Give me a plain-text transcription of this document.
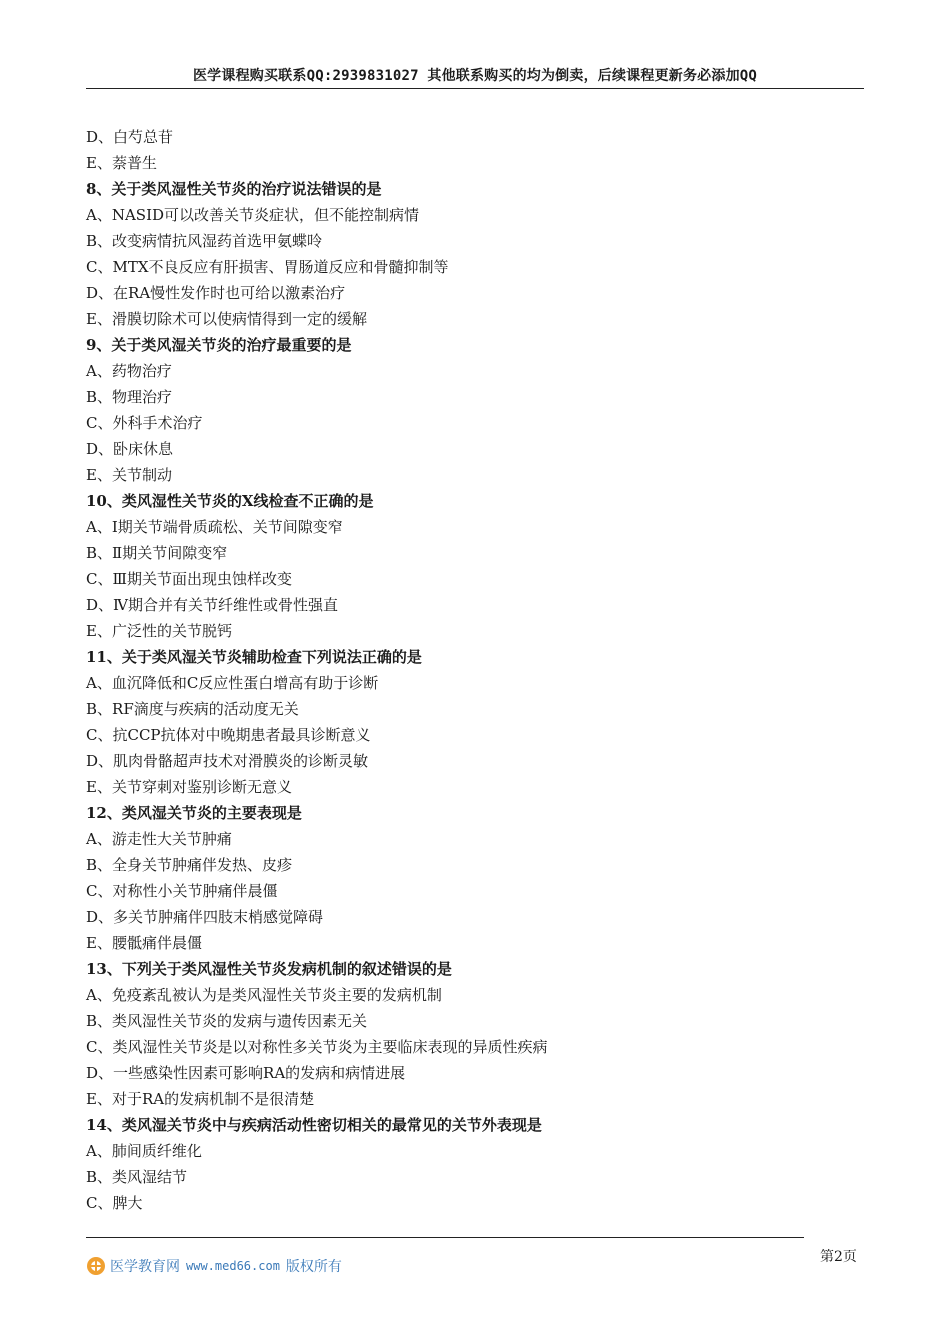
医学课程购买联系QQ:2939831027 其他联系购买的均为倒卖，后续课程更新务必添加QQ
D、白芍总苷
E、萘普生
8、关于类风湿性关节炎的治疗说法错误的是
A、NASID可以改善关节炎症状，但不能控制病情
B、改变病情抗风湿药首选甲氨蝶呤
C、MTX不良反应有肝损害、胃肠道反应和骨髓抑制等
D、在RA慢性发作时也可给以激素治疗
E、滑膜切除术可以使病情得到一定的缓解
9、关于类风湿关节炎的治疗最重要的是
A、药物治疗
B、物理治疗
C、外科手术治疗
D、卧床休息
E、关节制动
10、类风湿性关节炎的X线检查不正确的是
A、Ⅰ期关节端骨质疏松、关节间隙变窄
B、Ⅱ期关节间隙变窄
C、Ⅲ期关节面出现虫蚀样改变
D、Ⅳ期合并有关节纤维性或骨性强直
E、广泛性的关节脱钙
11、关于类风湿关节炎辅助检查下列说法正确的是
A、血沉降低和C反应性蛋白增高有助于诊断
B、RF滴度与疾病的活动度无关
C、抗CCP抗体对中晚期患者最具诊断意义
D、肌肉骨骼超声技术对滑膜炎的诊断灵敏
E、关节穿刺对鉴别诊断无意义
12、类风湿关节炎的主要表现是
A、游走性大关节肿痛
B、全身关节肿痛伴发热、皮疹
C、对称性小关节肿痛伴晨僵
D、多关节肿痛伴四肢末梢感觉障碍
E、腰骶痛伴晨僵
13、下列关于类风湿性关节炎发病机制的叙述错误的是
A、免疫紊乱被认为是类风湿性关节炎主要的发病机制
B、类风湿性关节炎的发病与遗传因素无关
C、类风湿性关节炎是以对称性多关节炎为主要临床表现的异质性疾病
D、一些感染性因素可影响RA的发病和病情进展
E、对于RA的发病机制不是很清楚
14、类风湿关节炎中与疾病活动性密切相关的最常见的关节外表现是
A、肺间质纤维化
B、类风湿结节
C、脾大
医学教育网 www.med66.com 版权所有
第2页
